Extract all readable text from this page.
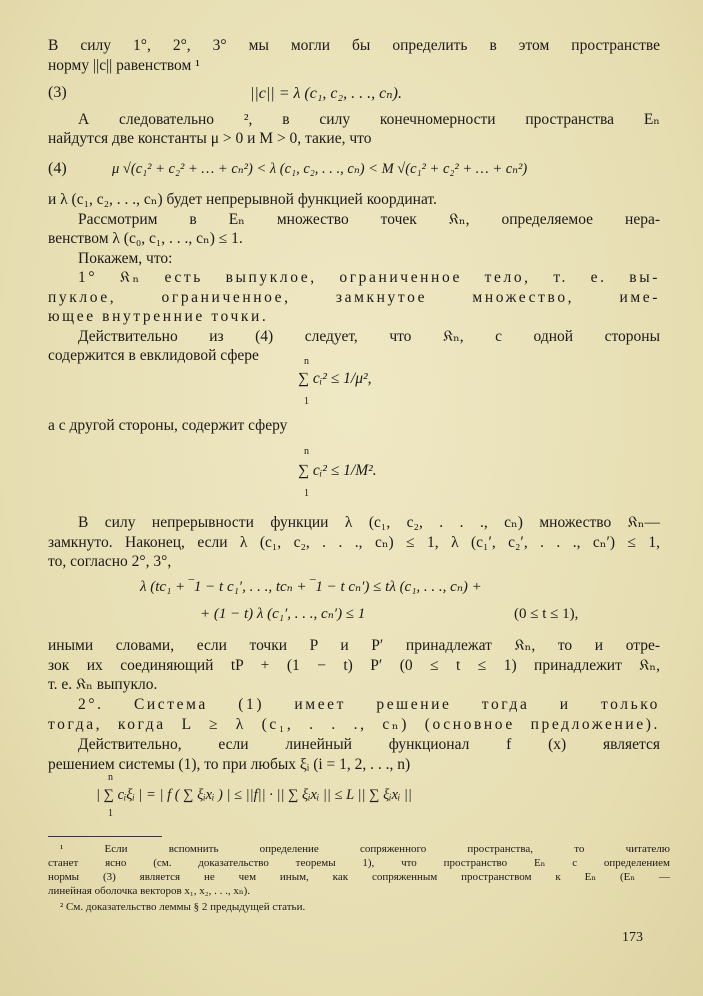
В силу 1°, 2°, 3° мы могли бы определить в этом пространстве
норму ||c|| равенством ¹
(3)	||c|| = λ (c₁, c₂, . . ., cₙ).
А следовательно ², в силу конечномерности пространства Eₙ
найдутся две константы μ > 0 и M > 0, такие, что
(4)	μ √(c₁² + c₂² + … + cₙ²) < λ (c₁, c₂, . . ., cₙ) < M √(c₁² + c₂² + … + cₙ²)
и λ (c₁, c₂, . . ., cₙ) будет непрерывной функцией координат.
Рассмотрим в Eₙ множество точек 𝔎ₙ, определяемое нера-
венством λ (c₀, c₁, . . ., cₙ) ≤ 1.
Покажем, что:
1° 𝔎ₙ есть выпуклое, ограниченное тело, т. е. вы-
пуклое, ограниченное, замкнутое множество, име-
ющее внутренние точки.
Действительно из (4) следует, что 𝔎ₙ, с одной стороны
содержится в евклидовой сфере	n
∑ cᵢ² ≤ 1/μ²,
1
а с другой стороны, содержит сферу
n
∑ cᵢ² ≤ 1/M².
1
В силу непрерывности функции λ (c₁, c₂, . . ., cₙ) множество 𝔎ₙ—
замкнуто. Наконец, если λ (c₁, c₂, . . ., cₙ) ≤ 1, λ (c₁′, c₂′, . . ., cₙ′) ≤ 1,
то, согласно 2°, 3°,
λ (tc₁ + ‾1 − t c₁′, . . ., tcₙ + ‾1 − t cₙ′) ≤ tλ (c₁, . . ., cₙ) +
+ (1 − t) λ (c₁′, . . ., cₙ′) ≤ 1	(0 ≤ t ≤ 1),
иными словами, если точки P и P′ принадлежат 𝔎ₙ, то и отре-
зок их соединяющий tP + (1 − t) P′ (0 ≤ t ≤ 1) принадлежит 𝔎ₙ,
т. е. 𝔎ₙ выпукло.
2°. Система (1) имеет решение тогда и только
тогда, когда L ≥ λ (c₁, . . ., cₙ) (основное предложение).
Действительно, если линейный функционал f (x) является
решением системы (1), то при любых ξᵢ (i = 1, 2, . . ., n)
n
| ∑ cᵢξᵢ | = | f ( ∑ ξᵢxᵢ ) | ≤ ||f|| · || ∑ ξᵢxᵢ || ≤ L || ∑ ξᵢxᵢ ||
1
¹ Если вспомнить определение сопряженного пространства, то читателю
станет ясно (см. доказательство теоремы 1), что пространство Eₙ с определением
нормы (3) является не чем иным, как сопряженным пространством к Eₙ (Eₙ —
линейная оболочка векторов x₁, x₂, . . ., xₙ).
² См. доказательство леммы § 2 предыдущей статьи.
173
